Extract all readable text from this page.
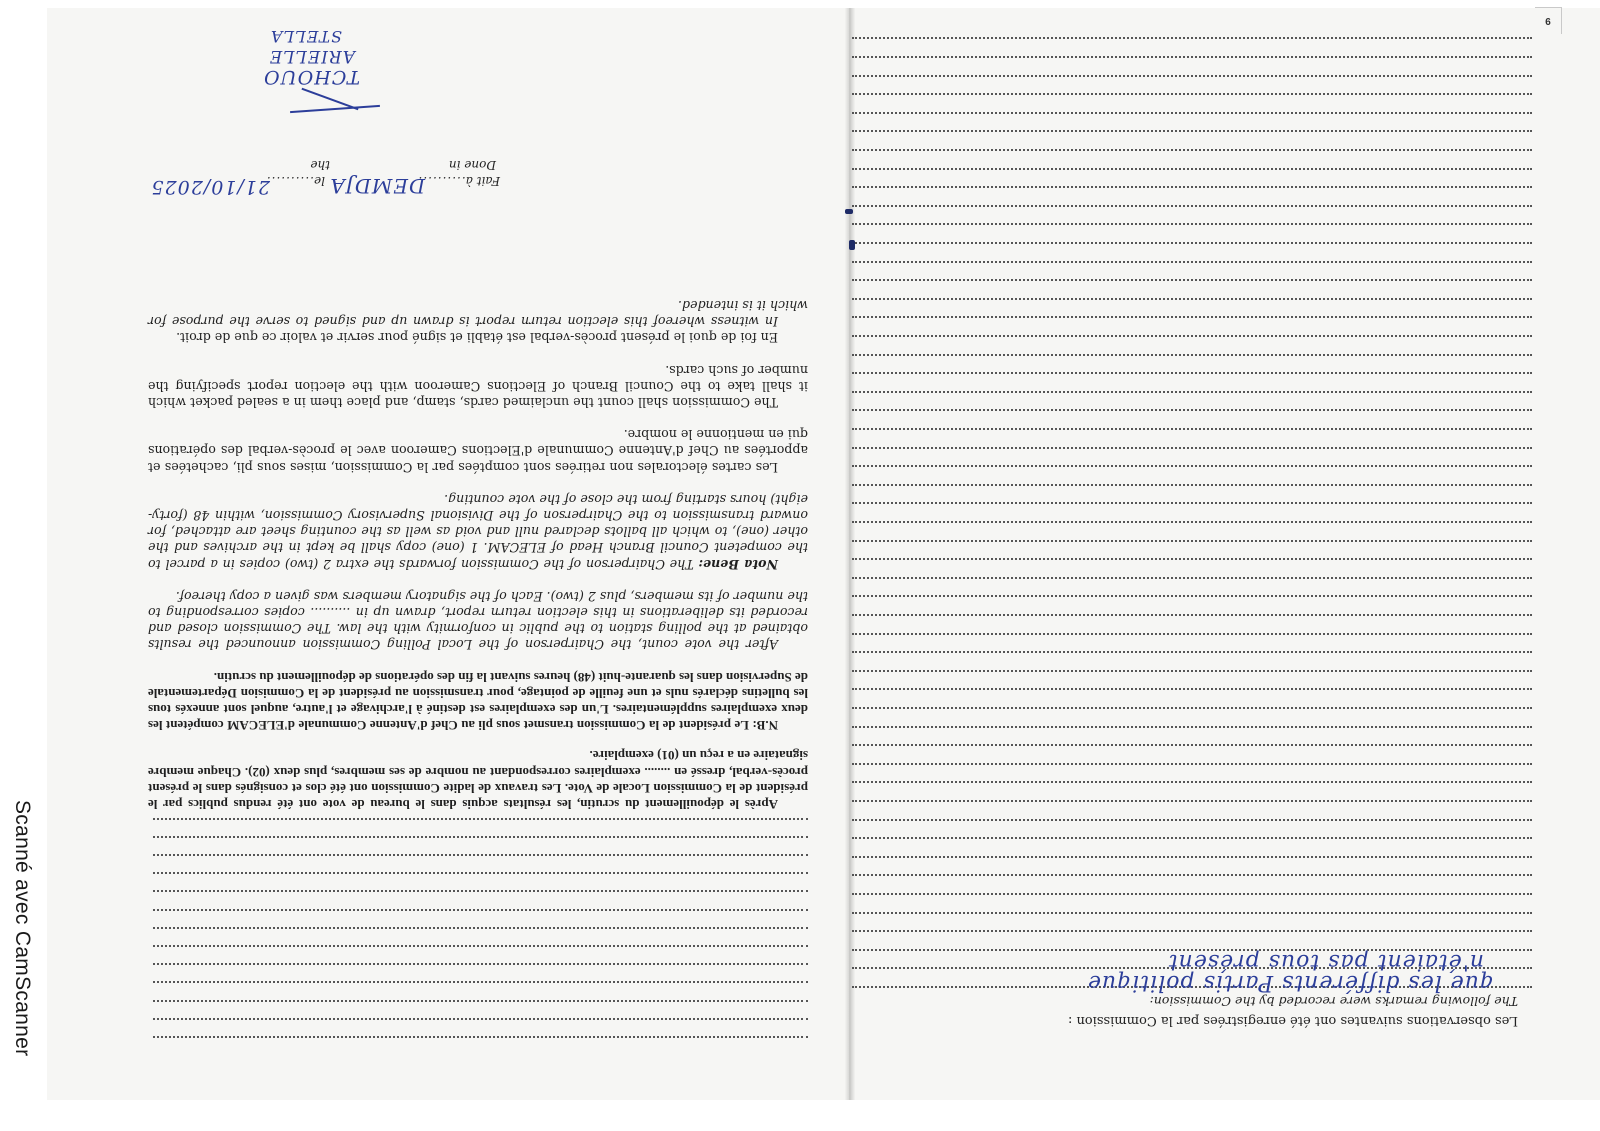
Scanné avec CamScanner	Les observations suivantes ont été enregistrées par la Commission :

The following remarks were recorded by the Commission:

que les différents Partis politique
n'étaient pas tous présent
9

Après le dépouillement du scrutin, les résultats acquis dans le bureau de vote ont été rendus publics par le président de la Commission Locale de Vote. Les travaux de ladite Commission ont été clos et consignés dans le présent procès-verbal, dressé en ........ exemplaires correspondant au nombre de ses membres, plus deux (02). Chaque membre signataire en a reçu un (01) exemplaire.

N.B: Le président de la Commission transmet sous pli au Chef d'Antenne Communale d'ELECAM compétent les deux exemplaires supplémentaires. L'un des exemplaires est destiné à l'archivage et l'autre, auquel sont annexés tous les bulletins déclarés nuls et une feuille de pointage, pour transmission au président de la Commision Départementale de Supervision dans les quarante-huit (48) heures suivant la fin des opérations de dépouillement du scrutin.

After the vote count, the Chairperson of the Local Polling Commission announced the results obtained at the polling station to the public in conformity with the law. The Commission closed and recorded its deliberations in this election return report, drawn up in .......... copies corresponding to the number of its members, plus 2 (two). Each of the signatory members was given a copy thereof.

Nota Bene: The Chairperson of the Commission forwards the extra 2 (two) copies in a parcel to the competent Council Branch Head of ELECAM. 1 (one) copy shall be kept in the archives and the other (one), to which all ballots declared null and void as well as the counting sheet are attached, for onward transmission to the Chairperson of the Divisional Supervisory Commission, within 48 (forty-eight) hours starting from the close of the vote counting.

Les cartes électorales non retirées sont comptées par la Commission, mises sous pli, cachetées et apportées au Chef d'Antenne Communale d'Elections Cameroon avec le procès-verbal des opérations qui en mentionne le nombre.

The Commission shall count the unclaimed cards, stamp, and place them in a sealed packet which it shall take to the Council Branch of Elections Cameroon with the election report specifying the number of such cards.

En foi de quoi le présent procès-verbal est établi et signé pour servir et valoir ce que de droit.

In witness whereof this election return report is drawn up and signed to serve the purpose for which it is intended.

Fait à..........
Done in
DEMDJA
le..........
the
21/10/2025
TCHOUO
ARIELLE
STELLA
